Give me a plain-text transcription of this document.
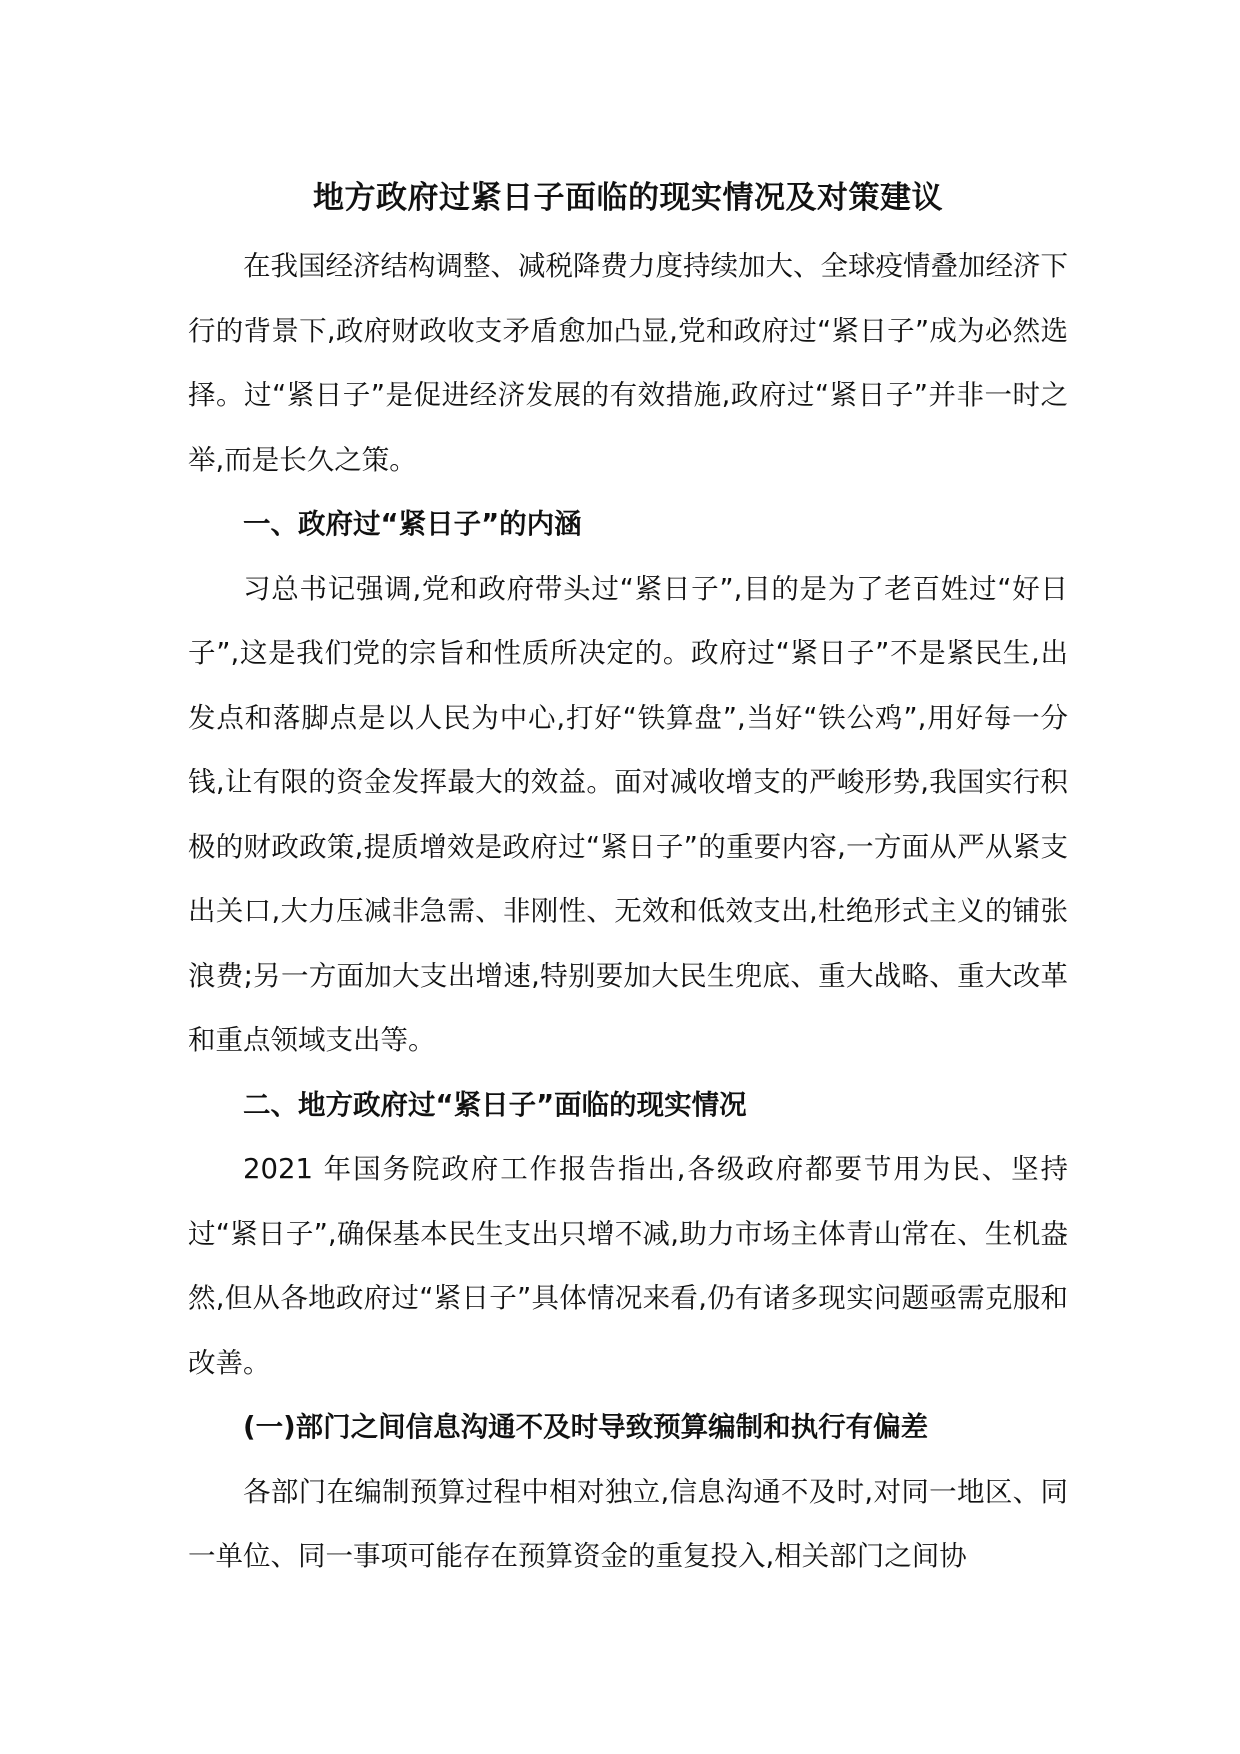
地方政府过紧日子面临的现实情况及对策建议

在我国经济结构调整、减税降费力度持续加大、全球疫情叠加经济下行的背景下,政府财政收支矛盾愈加凸显,党和政府过“紧日子”成为必然选择。过“紧日子”是促进经济发展的有效措施,政府过“紧日子”并非一时之举,而是长久之策。

一、政府过“紧日子”的内涵

习总书记强调,党和政府带头过“紧日子”,目的是为了老百姓过“好日子”,这是我们党的宗旨和性质所决定的。政府过“紧日子”不是紧民生,出发点和落脚点是以人民为中心,打好“铁算盘”,当好“铁公鸡”,用好每一分钱,让有限的资金发挥最大的效益。面对减收增支的严峻形势,我国实行积极的财政政策,提质增效是政府过“紧日子”的重要内容,一方面从严从紧支出关口,大力压减非急需、非刚性、无效和低效支出,杜绝形式主义的铺张浪费;另一方面加大支出增速,特别要加大民生兜底、重大战略、重大改革和重点领域支出等。

二、地方政府过“紧日子”面临的现实情况

2021 年国务院政府工作报告指出,各级政府都要节用为民、坚持过“紧日子”,确保基本民生支出只增不减,助力市场主体青山常在、生机盎然,但从各地政府过“紧日子”具体情况来看,仍有诸多现实问题亟需克服和改善。

(一)部门之间信息沟通不及时导致预算编制和执行有偏差

各部门在编制预算过程中相对独立,信息沟通不及时,对同一地区、同一单位、同一事项可能存在预算资金的重复投入,相关部门之间协
